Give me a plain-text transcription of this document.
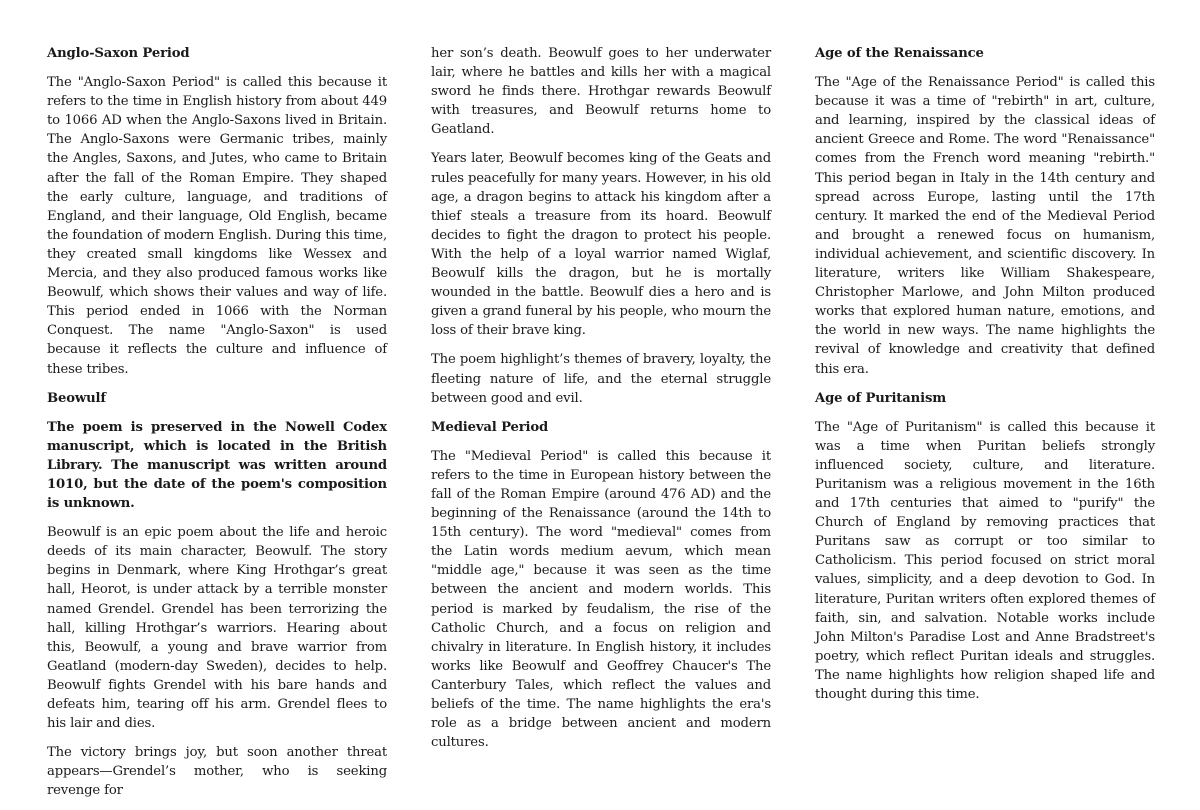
Anglo-Saxon Period

The "Anglo-Saxon Period" is called this because it refers to the time in English history from about 449 to 1066 AD when the Anglo-Saxons lived in Britain. The Anglo-Saxons were Germanic tribes, mainly the Angles, Saxons, and Jutes, who came to Britain after the fall of the Roman Empire. They shaped the early culture, language, and traditions of England, and their language, Old English, became the foundation of modern English. During this time, they created small kingdoms like Wessex and Mercia, and they also produced famous works like Beowulf, which shows their values and way of life. This period ended in 1066 with the Norman Conquest. The name "Anglo-Saxon" is used because it reflects the culture and influence of these tribes.

Beowulf

The poem is preserved in the Nowell Codex manuscript, which is located in the British Library. The manuscript was written around 1010, but the date of the poem's composition is unknown.

Beowulf is an epic poem about the life and heroic deeds of its main character, Beowulf. The story begins in Denmark, where King Hrothgar’s great hall, Heorot, is under attack by a terrible monster named Grendel. Grendel has been terrorizing the hall, killing Hrothgar’s warriors. Hearing about this, Beowulf, a young and brave warrior from Geatland (modern-day Sweden), decides to help. Beowulf fights Grendel with his bare hands and defeats him, tearing off his arm. Grendel flees to his lair and dies.

The victory brings joy, but soon another threat appears—Grendel’s mother, who is seeking revenge for

her son’s death. Beowulf goes to her underwater lair, where he battles and kills her with a magical sword he finds there. Hrothgar rewards Beowulf with treasures, and Beowulf returns home to Geatland.

Years later, Beowulf becomes king of the Geats and rules peacefully for many years. However, in his old age, a dragon begins to attack his kingdom after a thief steals a treasure from its hoard. Beowulf decides to fight the dragon to protect his people. With the help of a loyal warrior named Wiglaf, Beowulf kills the dragon, but he is mortally wounded in the battle. Beowulf dies a hero and is given a grand funeral by his people, who mourn the loss of their brave king.

The poem highlight’s themes of bravery, loyalty, the fleeting nature of life, and the eternal struggle between good and evil.

Medieval Period

The "Medieval Period" is called this because it refers to the time in European history between the fall of the Roman Empire (around 476 AD) and the beginning of the Renaissance (around the 14th to 15th century). The word "medieval" comes from the Latin words medium aevum, which mean "middle age," because it was seen as the time between the ancient and modern worlds. This period is marked by feudalism, the rise of the Catholic Church, and a focus on religion and chivalry in literature. In English history, it includes works like Beowulf and Geoffrey Chaucer's The Canterbury Tales, which reflect the values and beliefs of the time. The name highlights the era's role as a bridge between ancient and modern cultures.

Age of the Renaissance

The "Age of the Renaissance Period" is called this because it was a time of "rebirth" in art, culture, and learning, inspired by the classical ideas of ancient Greece and Rome. The word "Renaissance" comes from the French word meaning "rebirth." This period began in Italy in the 14th century and spread across Europe, lasting until the 17th century. It marked the end of the Medieval Period and brought a renewed focus on humanism, individual achievement, and scientific discovery. In literature, writers like William Shakespeare, Christopher Marlowe, and John Milton produced works that explored human nature, emotions, and the world in new ways. The name highlights the revival of knowledge and creativity that defined this era.

Age of Puritanism

The "Age of Puritanism" is called this because it was a time when Puritan beliefs strongly influenced society, culture, and literature. Puritanism was a religious movement in the 16th and 17th centuries that aimed to "purify" the Church of England by removing practices that Puritans saw as corrupt or too similar to Catholicism. This period focused on strict moral values, simplicity, and a deep devotion to God. In literature, Puritan writers often explored themes of faith, sin, and salvation. Notable works include John Milton's Paradise Lost and Anne Bradstreet's poetry, which reflect Puritan ideals and struggles. The name highlights how religion shaped life and thought during this time.
